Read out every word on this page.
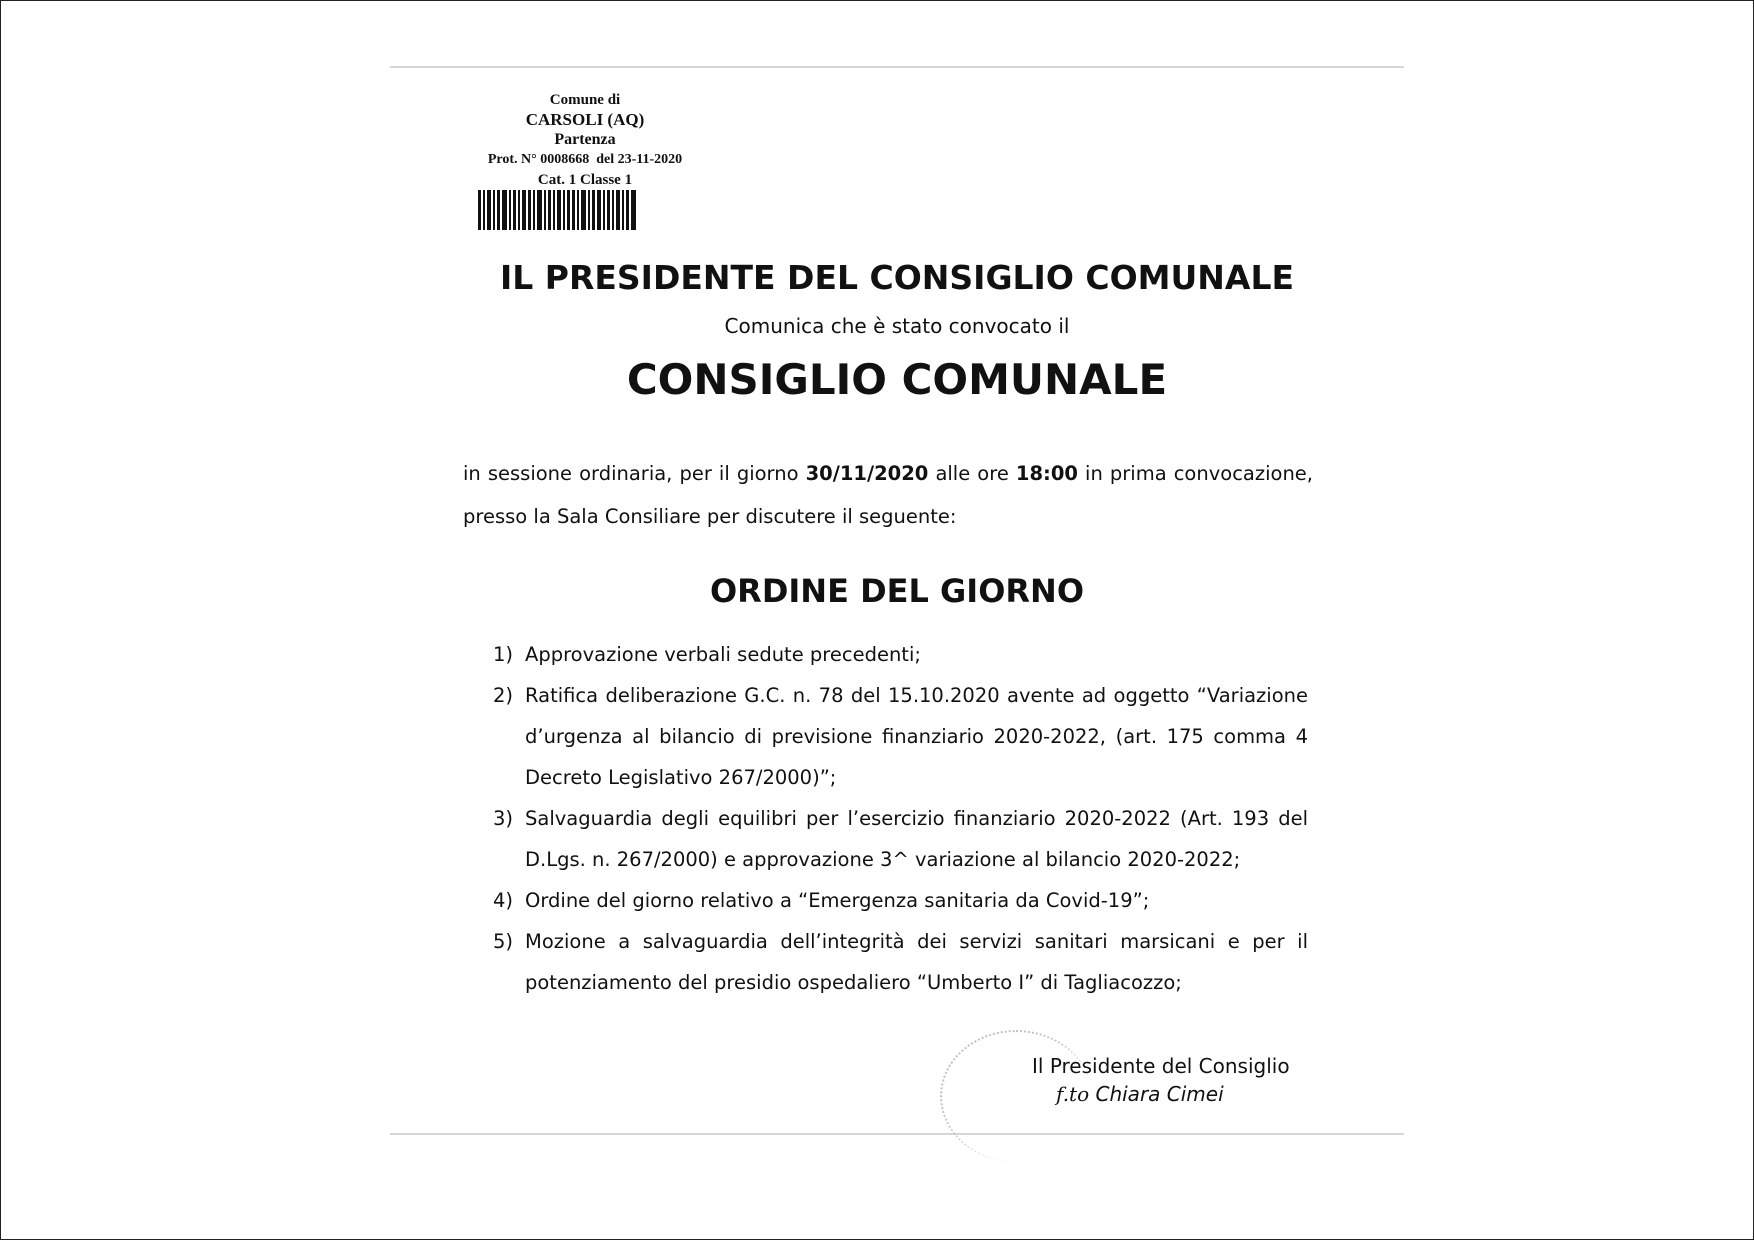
Comune di
CARSOLI (AQ)
Partenza
Prot. N° 0008668  del 23-11-2020
Cat. 1 Classe 1
IL PRESIDENTE DEL CONSIGLIO COMUNALE
Comunica che è stato convocato il
CONSIGLIO COMUNALE
in sessione ordinaria, per il giorno 30/11/2020 alle ore 18:00 in prima convocazione, presso la Sala Consiliare per discutere il seguente:
ORDINE DEL GIORNO
1) Approvazione verbali sedute precedenti;
2) Ratifica deliberazione G.C. n. 78 del 15.10.2020 avente ad oggetto “Variazione d’urgenza al bilancio di previsione finanziario 2020-2022, (art. 175 comma 4 Decreto Legislativo 267/2000)”;
3) Salvaguardia degli equilibri per l’esercizio finanziario 2020-2022 (Art. 193 del D.Lgs. n. 267/2000) e approvazione 3^ variazione al bilancio 2020-2022;
4) Ordine del giorno relativo a “Emergenza sanitaria da Covid-19”;
5) Mozione a salvaguardia dell’integrità dei servizi sanitari marsicani e per il potenziamento del presidio ospedaliero “Umberto I” di Tagliacozzo;
Il Presidente del Consiglio
f.to Chiara Cimei
